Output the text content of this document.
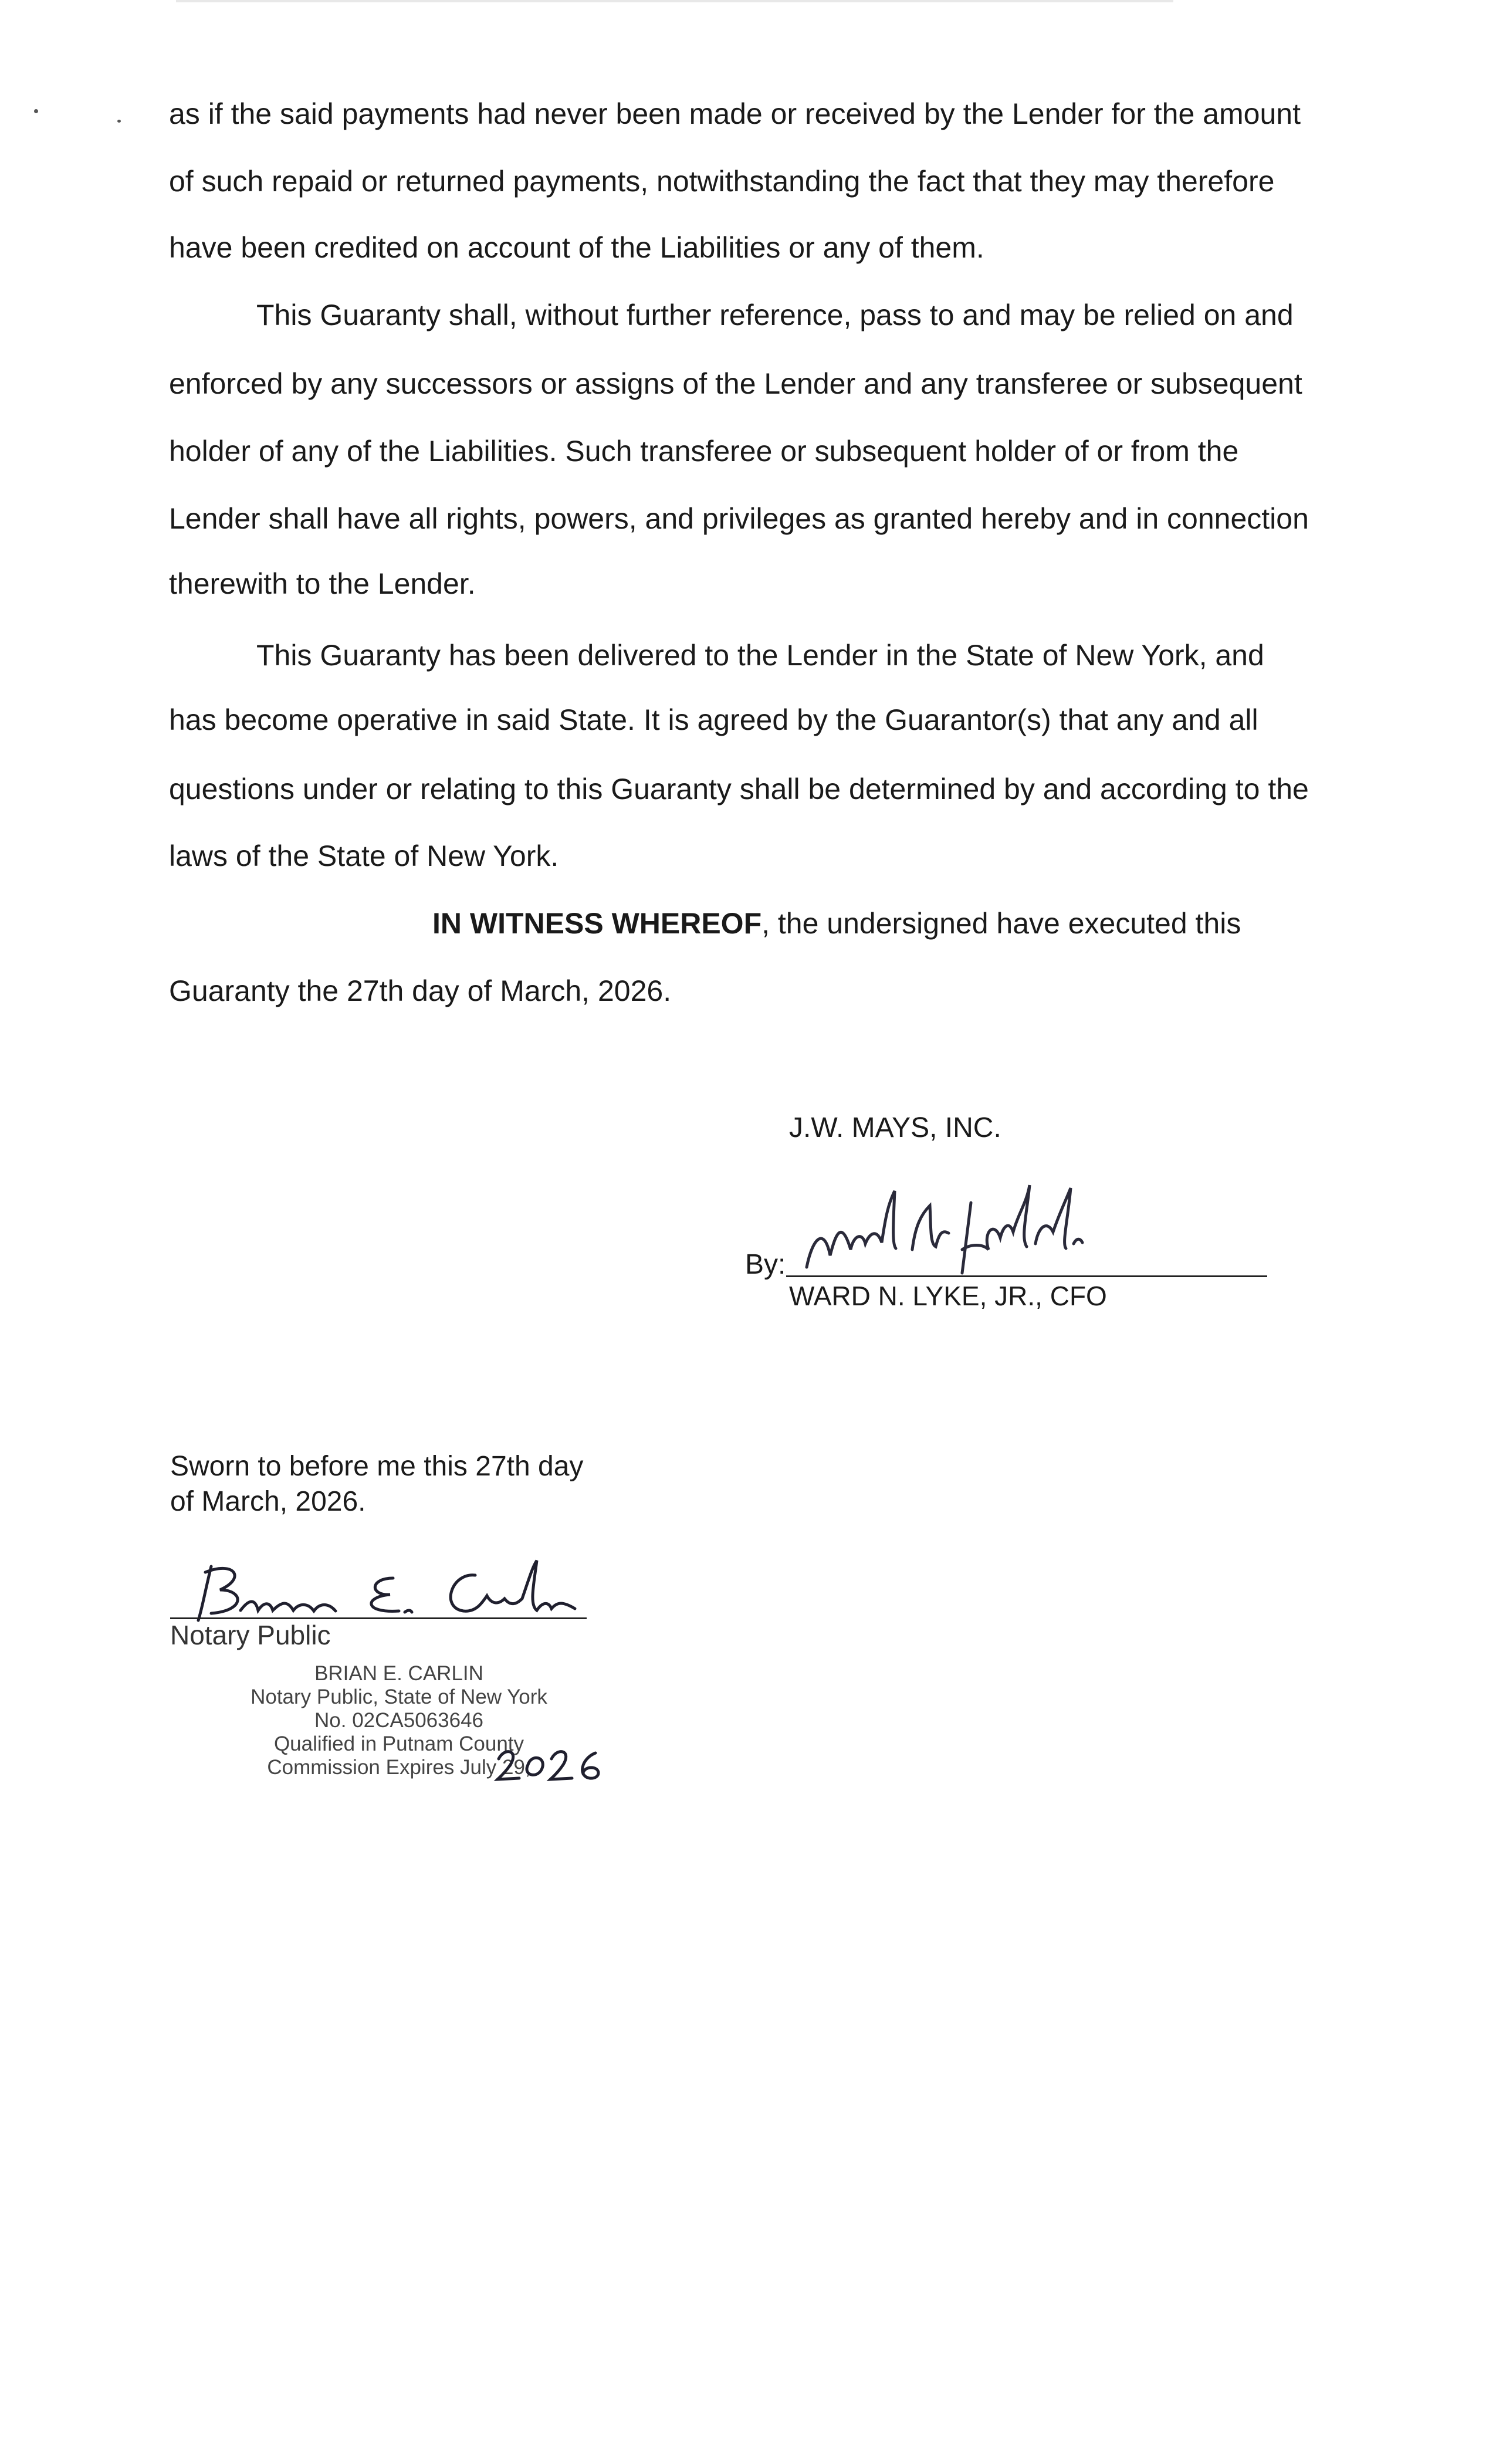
as if the said payments had never been made or received by the Lender for the amount
of such repaid or returned payments, notwithstanding the fact that they may therefore
have been credited on account of the Liabilities or any of them.
This Guaranty shall, without further reference, pass to and may be relied on and
enforced by any successors or assigns of the Lender and any transferee or subsequent
holder of any of the Liabilities. Such transferee or subsequent holder of or from the
Lender shall have all rights, powers, and privileges as granted hereby and in connection
therewith to the Lender.
This Guaranty has been delivered to the Lender in the State of New York, and
has become operative in said State. It is agreed by the Guarantor(s) that any and all
questions under or relating to this Guaranty shall be determined by and according to the
laws of the State of New York.
IN WITNESS WHEREOF, the undersigned have executed this
Guaranty the 27th day of March, 2026.
J.W. MAYS, INC.
By:
WARD N. LYKE, JR., CFO
Sworn to before me this 27th day
of March, 2026.
Notary Public
BRIAN E. CARLIN
Notary Public, State of New York
No. 02CA5063646
Qualified in Putnam County
Commission Expires July 29,
